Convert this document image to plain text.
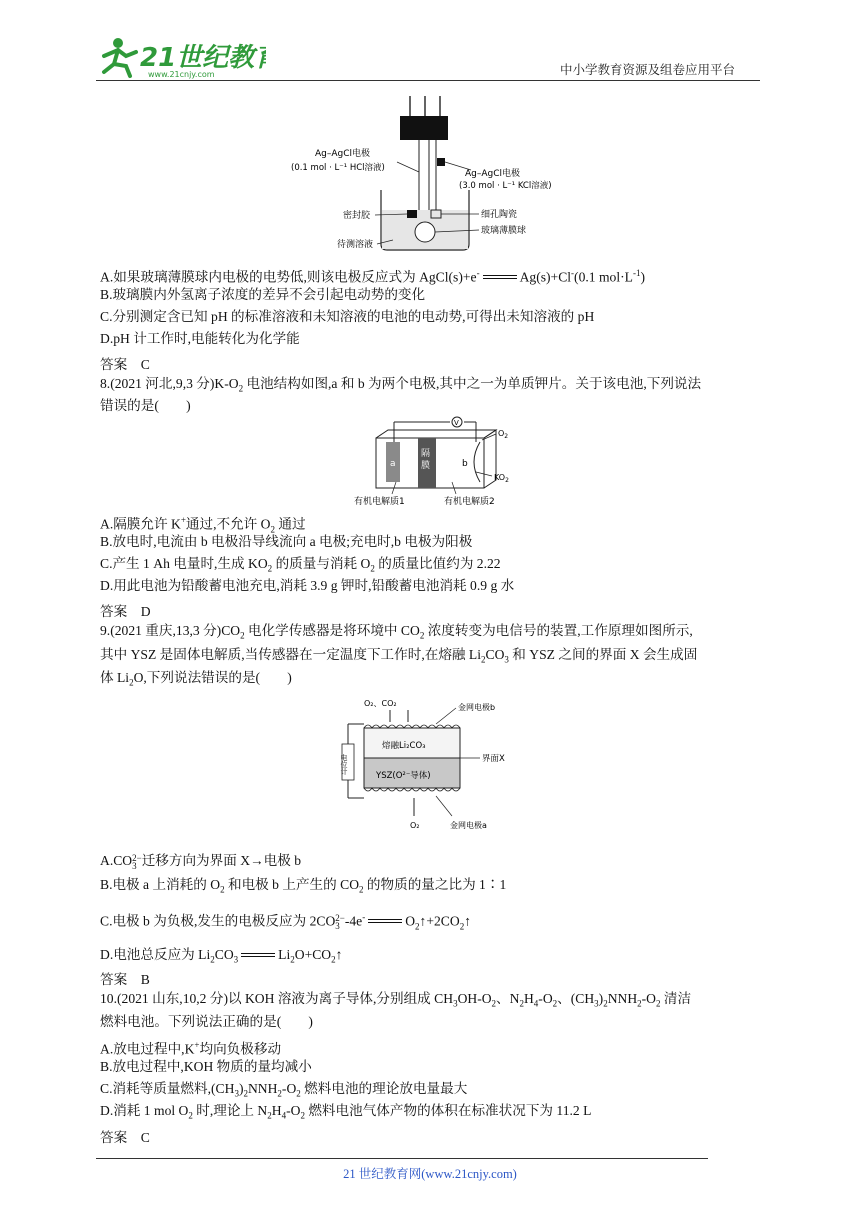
21世纪教
www.21cnjy.com	中小学教育资源及组卷应用平台
Ag–AgCl电极
(0.1 mol · L⁻¹ HCl溶液)
Ag–AgCl电极
(3.0 mol · L⁻¹ KCl溶液)
密封胶
待测溶液
细孔陶瓷
玻璃薄膜球
A.如果玻璃薄膜球内电极的电势低,则该电极反应式为 AgCl(s)+e-	Ag(s)+Cl-(0.1 $mol\cdot L^{-1}$)
B.玻璃膜内外氢离子浓度的差异不会引起电动势的变化
C.分别测定含已知 pH 的标准溶液和未知溶液的电池的电动势,可得出未知溶液的 pH
D.pH 计工作时,电能转化为化学能
答案　C
8.(2021 河北,9,3 分)$K-O_2$ 电池结构如图,a 和 b 为两个电极,其中之一为单质钾片。关于该电池,下列说法
错误的是(　　)
V
a
隔
膜	b
$O_2$
$KO_2$
有机电解质1	有机电解质2
A.隔膜允许 K+通过,不允许 $O_2$ 通过
B.放电时,电流由 b 电极沿导线流向 a 电极;充电时,b 电极为阳极
C.产生 1 Ah 电量时,生成 $KO_2$ 的质量与消耗 $O_2$ 的质量比值约为 2.22
D.用此电池为铅酸蓄电池充电,消耗 3.9 g 钾时,铅酸蓄电池消耗 0.9 g 水
答案　D
9.(2021 重庆,13,3 分)$CO_2$ 电化学传感器是将环境中 $CO_2$ 浓度转变为电信号的装置,工作原理如图所示,
其中 YSZ 是固体电解质,当传感器在一定温度下工作时,在熔融 $Li_2CO_3$ 和 YSZ 之间的界面 X 会生成固
体 $Li_2O$,下列说法错误的是(　　)
O₂、CO₂	金网电极b
熔融Li₂CO₃
YSZ(O²⁻导体)
界面X
电位计
O₂	金网电极a
A.CO2−
3 迁移方向为界面 X→电极 b
B.电极 a 上消耗的 $O_2$ 和电极 b 上产生的 $CO_2$ 的物质的量之比为 1∶1
C.电极 b 为负极,发生的电极反应为 2CO2−
3 -4e-	$O_2↑+2CO_2↑$
D.电池总反应为 $Li_2CO_3$	$Li_2O+CO_2↑$
答案　B
10.(2021 山东,10,2 分)以 KOH 溶液为离子导体,分别组成 $CH_3OH-O_2$、$N_2H_4-O_2$、$(CH_3)_2NNH_2-O_2$ 清洁
燃料电池。下列说法正确的是(　　)
A.放电过程中,K+均向负极移动
B.放电过程中,KOH 物质的量均减小
C.消耗等质量燃料$,(CH_3)_2NNH_2-O_2$ 燃料电池的理论放电量最大
D.消耗 1 mol $O_2$ 时,理论上 $N_2H_4-O_2$ 燃料电池气体产物的体积在标准状况下为 11.2 L
答案　C
21 世纪教育网(www.21cnjy.com)
